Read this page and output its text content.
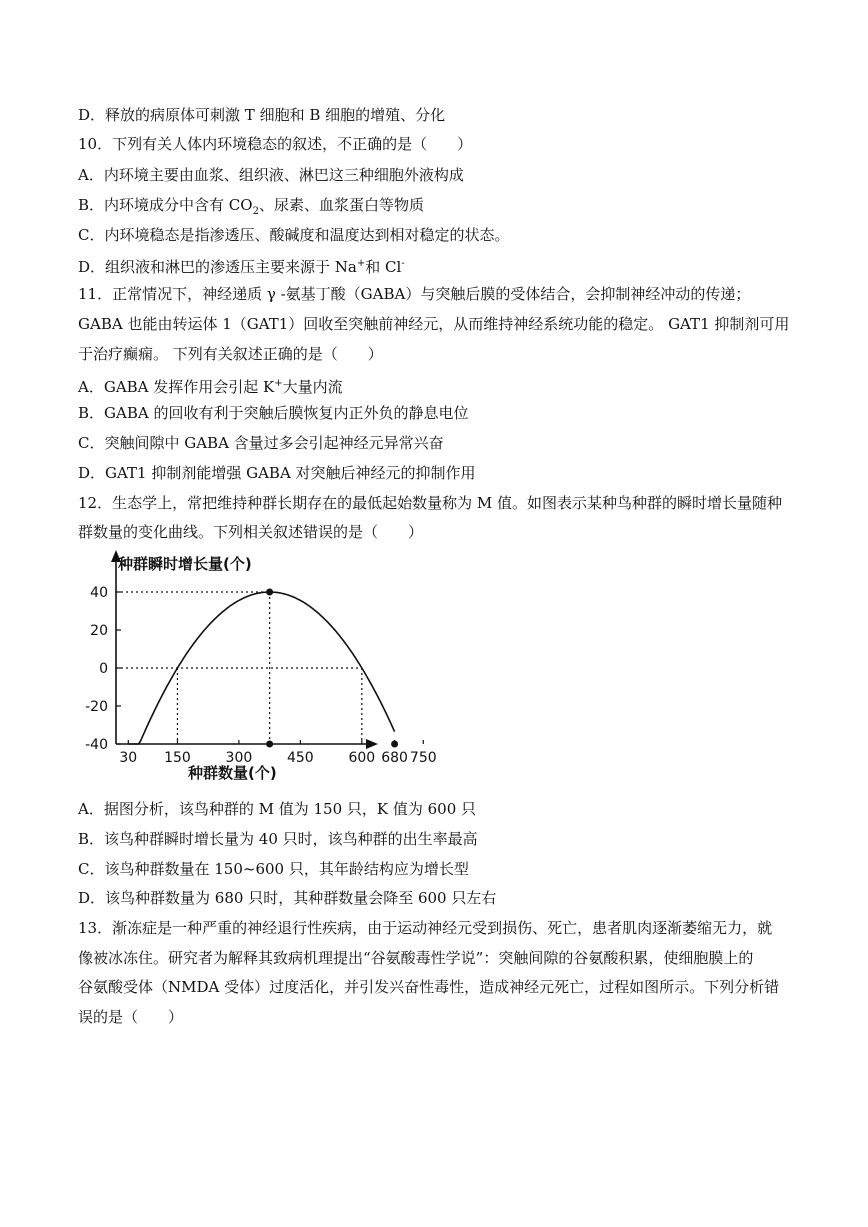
D．释放的病原体可刺激 T 细胞和 B 细胞的增殖、分化
10．下列有关人体内环境稳态的叙述，不正确的是（　　）
A．内环境主要由血浆、组织液、淋巴这三种细胞外液构成
B．内环境成分中含有 $CO_2$、尿素、血浆蛋白等物质
C．内环境稳态是指渗透压、酸碱度和温度达到相对稳定的状态。
D．组织液和淋巴的渗透压主要来源于 Na+和 Cl-
11．正常情况下，神经递质 γ -氨基丁酸（GABA）与突触后膜的受体结合，会抑制神经冲动的传递；
GABA 也能由转运体 1（GAT1）回收至突触前神经元，从而维持神经系统功能的稳定。 GAT1 抑制剂可用
于治疗癫痫。 下列有关叙述正确的是（　　）
A．GABA 发挥作用会引起 K+大量内流
B．GABA 的回收有利于突触后膜恢复内正外负的静息电位
C．突触间隙中 GABA 含量过多会引起神经元异常兴奋
D．GAT1 抑制剂能增强 GABA 对突触后神经元的抑制作用
12．生态学上，常把维持种群长期存在的最低起始数量称为 M 值。如图表示某种鸟种群的瞬时增长量随种
群数量的变化曲线。下列相关叙述错误的是（　　）
40
20
0
-20
-40
30 150 300 450 600 680 750
种群瞬时增长量(个)
种群数量(个)
A．据图分析，该鸟种群的 M 值为 150 只，K 值为 600 只
B．该鸟种群瞬时增长量为 40 只时，该鸟种群的出生率最高
C．该鸟种群数量在 150~600 只，其年龄结构应为增长型
D．该鸟种群数量为 680 只时，其种群数量会降至 600 只左右
13．渐冻症是一种严重的神经退行性疾病，由于运动神经元受到损伤、死亡，患者肌肉逐渐萎缩无力，就
像被冰冻住。研究者为解释其致病机理提出“谷氨酸毒性学说”：突触间隙的谷氨酸积累，使细胞膜上的
谷氨酸受体（NMDA 受体）过度活化，并引发兴奋性毒性，造成神经元死亡，过程如图所示。下列分析错
误的是（　　）
